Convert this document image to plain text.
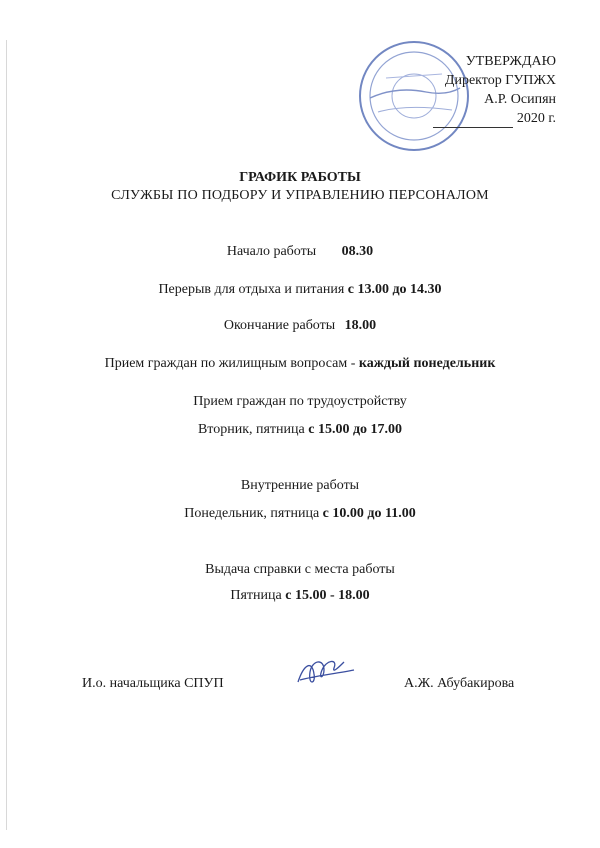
УТВЕРЖДАЮ
Директор ГУПЖХ
А.Р. Осипян
2020 г.
ГРАФИК РАБОТЫ
СЛУЖБЫ ПО ПОДБОРУ И УПРАВЛЕНИЮ ПЕРСОНАЛОМ
Начало работы 08.30
Перерыв для отдыха и питания с 13.00 до 14.30
Окончание работы 18.00
Прием граждан по жилищным вопросам - каждый понедельник
Прием граждан по трудоустройству
Вторник, пятница с 15.00 до 17.00
Внутренние работы
Понедельник, пятница с 10.00 до 11.00
Выдача справки с места работы
Пятница с 15.00 - 18.00
И.о. начальщика СПУП	А.Ж. Абубакирова
